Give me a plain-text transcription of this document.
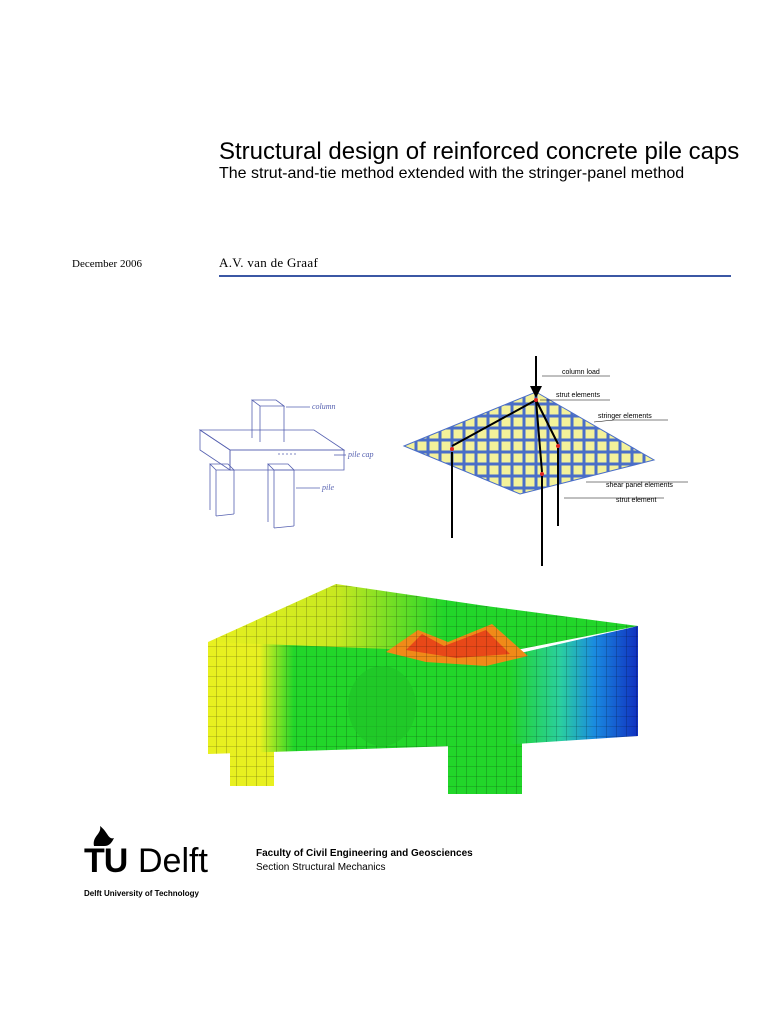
Structural design of reinforced concrete pile caps
The strut-and-tie method extended with the stringer-panel method
December 2006	A.V. van de Graaf
column
pile cap
pile
column load
strut elements
stringer elements
shear panel elements
strut element
TU Delft
Delft University of Technology
Faculty of Civil Engineering and Geosciences
Section Structural Mechanics
